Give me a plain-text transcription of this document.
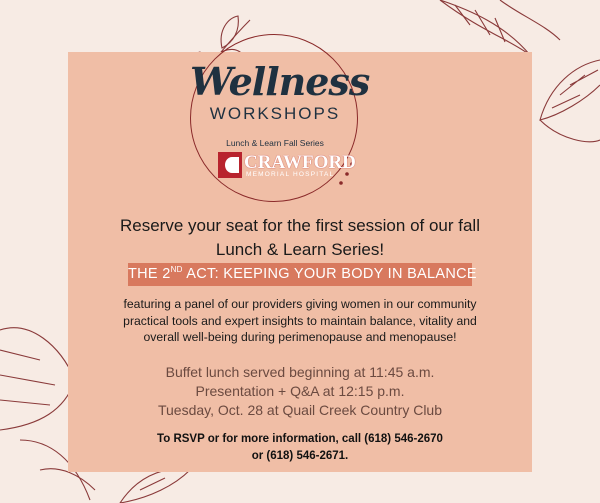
Wellness
WORKSHOPS
Lunch & Learn Fall Series
CRAWFORD
MEMORIAL HOSPITAL
Reserve your seat for the first session of our fall
Lunch & Learn Series!
THE 2ND ACT: KEEPING YOUR BODY IN BALANCE
featuring a panel of our providers giving women in our community
practical tools and expert insights to maintain balance, vitality and
overall well-being during perimenopause and menopause!
Buffet lunch served beginning at 11:45 a.m.
Presentation + Q&A at 12:15 p.m.
Tuesday, Oct. 28 at Quail Creek Country Club
To RSVP or for more information, call (618) 546-2670
or (618) 546-2671.
